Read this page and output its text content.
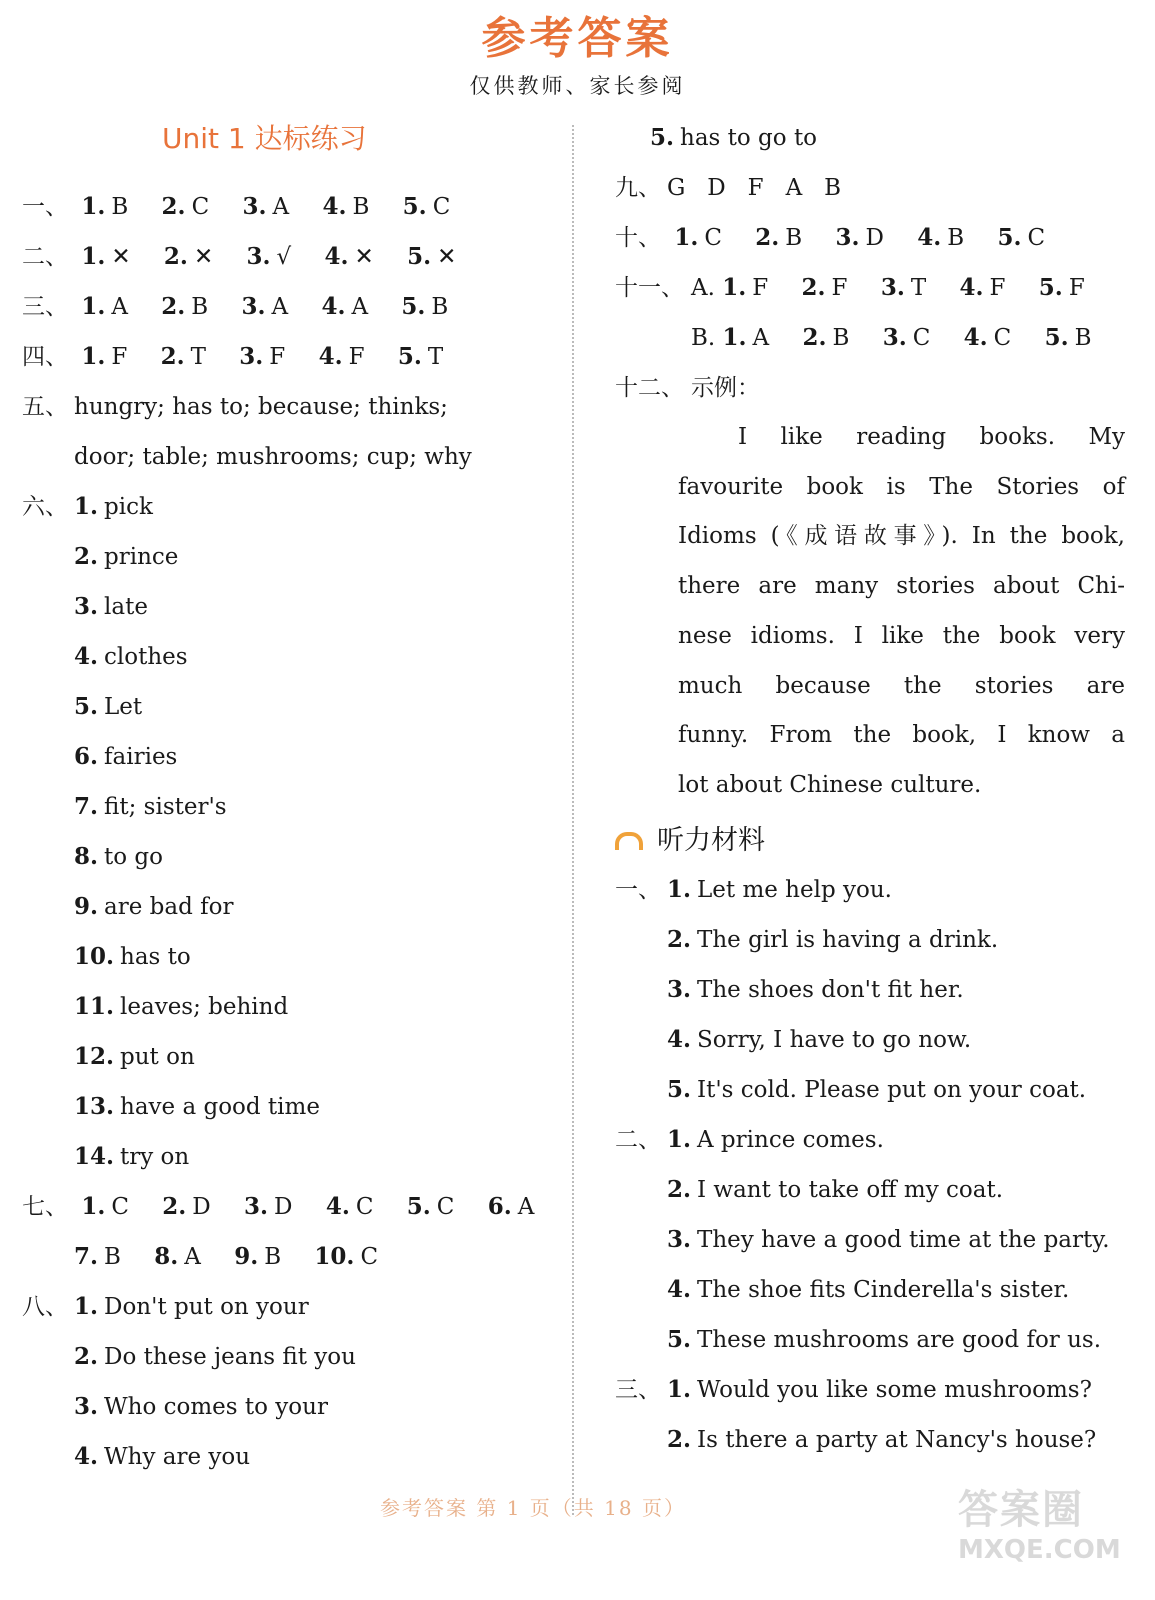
参考答案
仅供教师、家长参阅
Unit 1 达标练习
一、 1. B 2. C 3. A 4. B 5. C
二、 1. ✕ 2. ✕ 3. √ 4. ✕ 5. ✕
三、 1. A 2. B 3. A 4. A 5. B
四、 1. F 2. T 3. F 4. F 5. T
五、 hungry; has to; because; thinks;
door; table; mushrooms; cup; why
六、 1. pick
2. prince
3. late
4. clothes
5. Let
6. fairies
7. fit; sister's
8. to go
9. are bad for
10. has to
11. leaves; behind
12. put on
13. have a good time
14. try on
七、 1. C 2. D 3. D 4. C 5. C 6. A
7. B 8. A 9. B 10. C
八、 1. Don't put on your
2. Do these jeans fit you
3. Who comes to your
4. Why are you
5. has to go to
九、 G   D   F   A   B
十、 1. C 2. B 3. D 4. B 5. C
十一、 A. 1. F 2. F 3. T 4. F 5. F
B. 1. A 2. B 3. C 4. C 5. B
十二、 示例：
I like reading books. My
favourite book is The Stories of
Idioms (《成语故事》). In the book,
there are many stories about Chi-
nese idioms. I like the book very
much because the stories are
funny. From the book, I know a
lot about Chinese culture.
听力材料
一、 1. Let me help you.
2. The girl is having a drink.
3. The shoes don't fit her.
4. Sorry, I have to go now.
5. It's cold. Please put on your coat.
二、 1. A prince comes.
2. I want to take off my coat.
3. They have a good time at the party.
4. The shoe fits Cinderella's sister.
5. These mushrooms are good for us.
三、 1. Would you like some mushrooms?
2. Is there a party at Nancy's house?
参考答案 第 1 页（共 18 页）	答案圈
MXQE.COM
